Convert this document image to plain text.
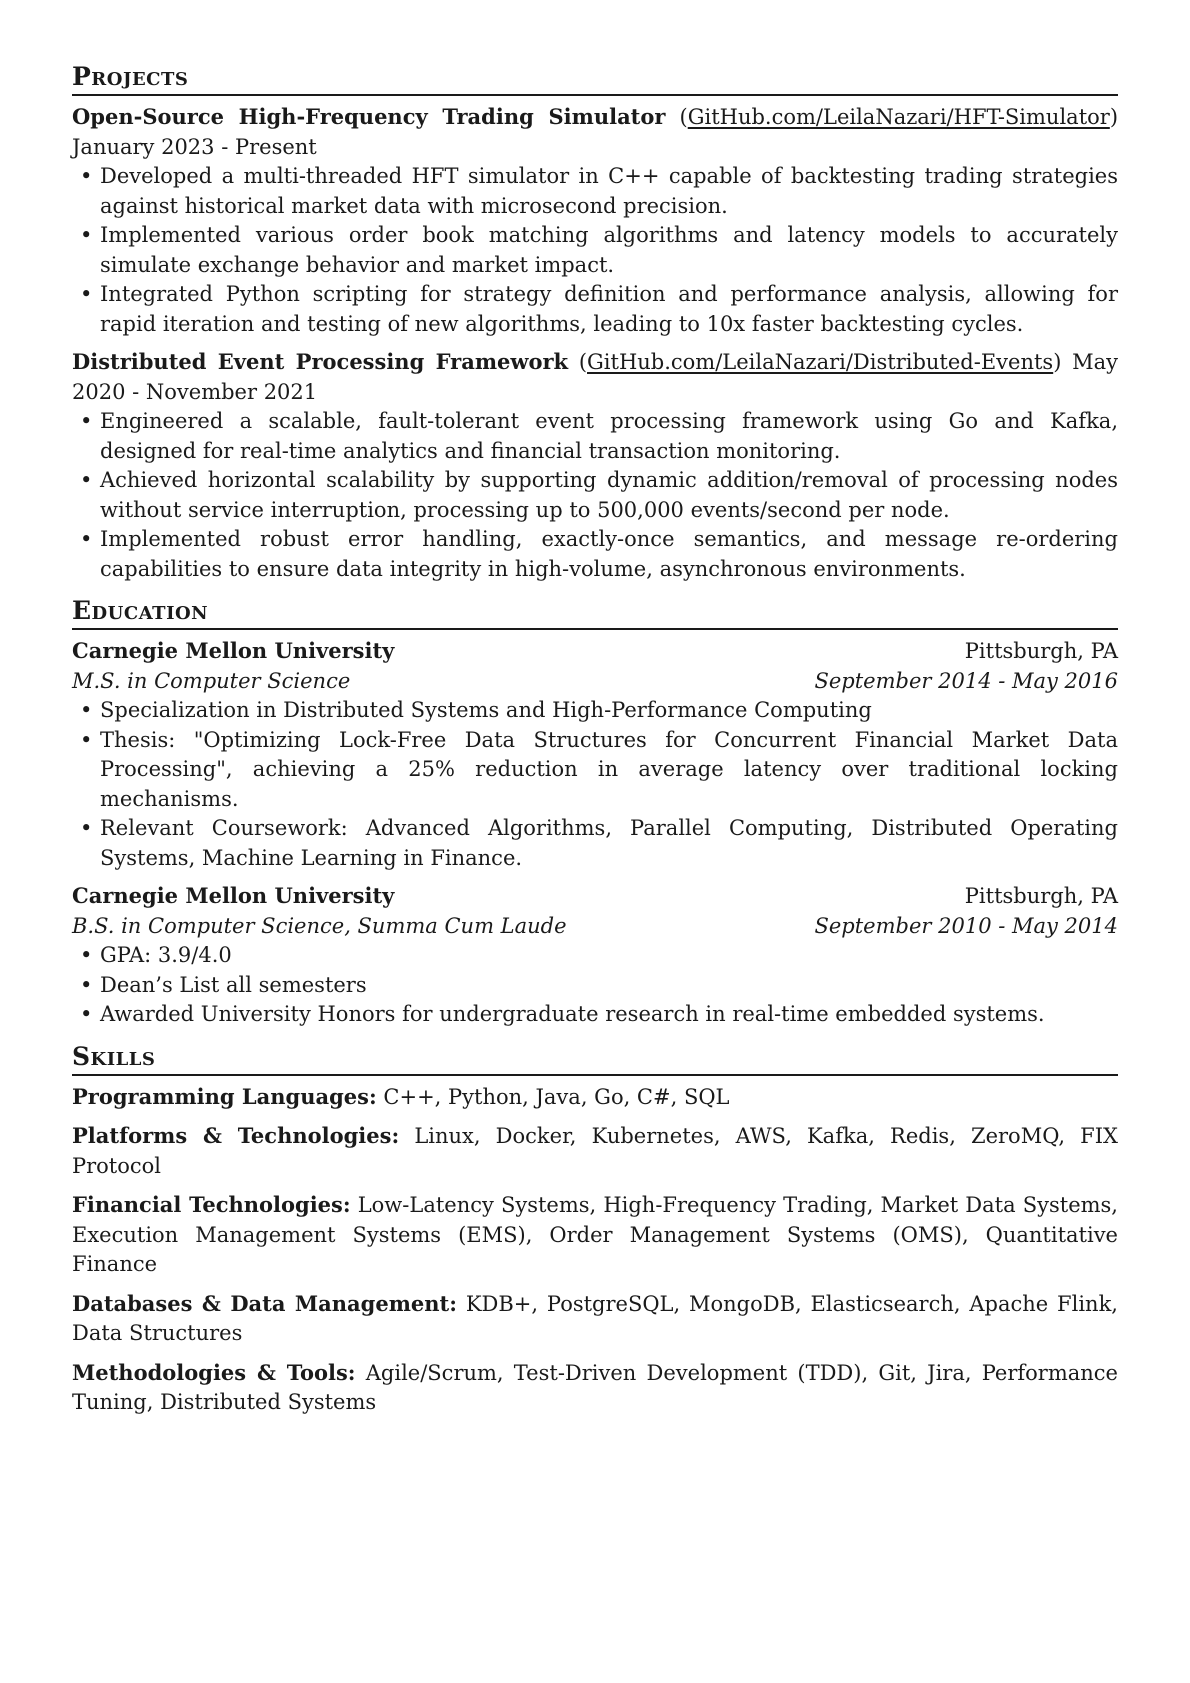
Projects
Open-Source High-Frequency Trading Simulator (GitHub.com/LeilaNazari/HFT-Simulator) January 2023 - Present
• Developed a multi-threaded HFT simulator in C++ capable of backtesting trading strategies against historical market data with microsecond precision.
• Implemented various order book matching algorithms and latency models to accurately simulate exchange behavior and market impact.
• Integrated Python scripting for strategy definition and performance analysis, allowing for rapid iteration and testing of new algorithms, leading to 10x faster backtesting cycles.
Distributed Event Processing Framework (GitHub.com/LeilaNazari/Distributed-Events) May 2020 - November 2021
• Engineered a scalable, fault-tolerant event processing framework using Go and Kafka, designed for real-time analytics and financial transaction monitoring.
• Achieved horizontal scalability by supporting dynamic addition/removal of processing nodes without service interruption, processing up to 500,000 events/second per node.
• Implemented robust error handling, exactly-once semantics, and message re-ordering capabilities to ensure data integrity in high-volume, asynchronous environments.
Education
Carnegie Mellon University	Pittsburgh, PA
M.S. in Computer Science	September 2014 - May 2016
• Specialization in Distributed Systems and High-Performance Computing
• Thesis: "Optimizing Lock-Free Data Structures for Concurrent Financial Market Data Processing", achieving a 25% reduction in average latency over traditional locking mechanisms.
• Relevant Coursework: Advanced Algorithms, Parallel Computing, Distributed Operating Systems, Machine Learning in Finance.
Carnegie Mellon University	Pittsburgh, PA
B.S. in Computer Science, Summa Cum Laude	September 2010 - May 2014
• GPA: 3.9/4.0
• Dean’s List all semesters
• Awarded University Honors for undergraduate research in real-time embedded systems.
Skills
Programming Languages: C++, Python, Java, Go, C#, SQL
Platforms & Technologies: Linux, Docker, Kubernetes, AWS, Kafka, Redis, ZeroMQ, FIX Protocol
Financial Technologies: Low-Latency Systems, High-Frequency Trading, Market Data Systems, Execution Management Systems (EMS), Order Management Systems (OMS), Quantitative Finance
Databases & Data Management: KDB+, PostgreSQL, MongoDB, Elasticsearch, Apache Flink, Data Structures
Methodologies & Tools: Agile/Scrum, Test-Driven Development (TDD), Git, Jira, Performance Tuning, Distributed Systems
